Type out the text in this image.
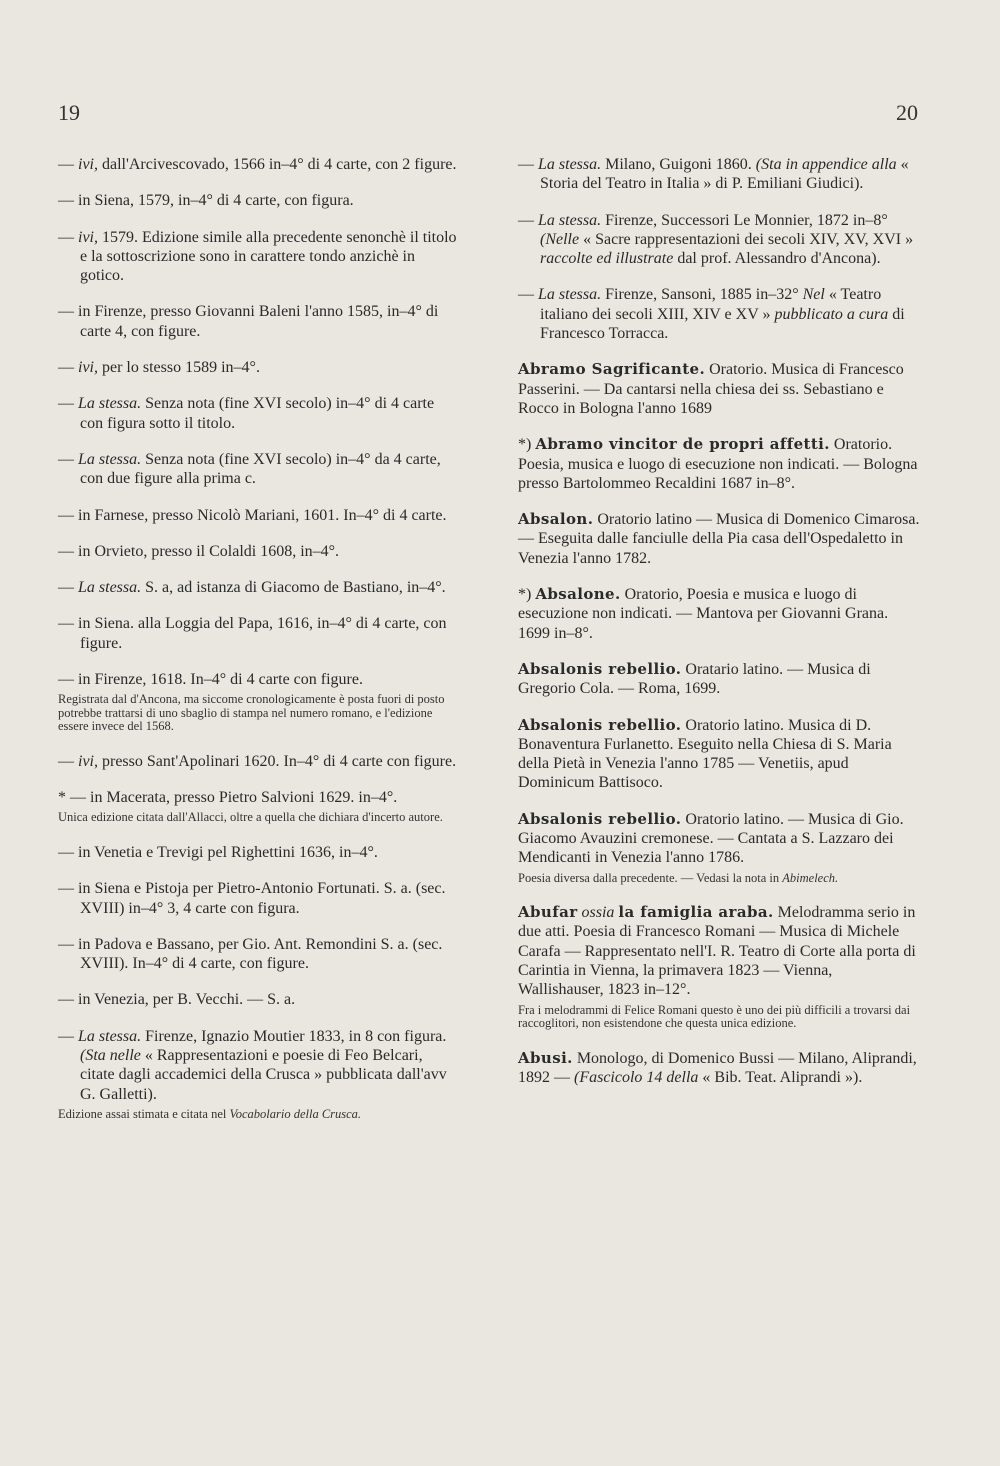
19	20

— ivi, dall'Arcivescovado, 1566 in–4° di 4 carte, con 2 figure.

— in Siena, 1579, in–4° di 4 carte, con figura.

— ivi, 1579. Edizione simile alla precedente senonchè il titolo e la sottoscrizione sono in carattere tondo anzichè in gotico.

— in Firenze, presso Giovanni Baleni l'anno 1585, in–4° di carte 4, con figure.

— ivi, per lo stesso 1589 in–4°.

— La stessa. Senza nota (fine XVI secolo) in–4° di 4 carte con figura sotto il titolo.

— La stessa. Senza nota (fine XVI secolo) in–4° da 4 carte, con due figure alla prima c.

— in Farnese, presso Nicolò Mariani, 1601. In–4° di 4 carte.

— in Orvieto, presso il Colaldi 1608, in–4°.

— La stessa. S. a, ad istanza di Giacomo de Bastiano, in–4°.

— in Siena. alla Loggia del Papa, 1616, in–4° di 4 carte, con figure.

— in Firenze, 1618. In–4° di 4 carte con figure.

Registrata dal d'Ancona, ma siccome cronologicamente è posta fuori di posto potrebbe trattarsi di uno sbaglio di stampa nel numero romano, e l'edizione essere invece del 1568.

— ivi, presso Sant'Apolinari 1620. In–4° di 4 carte con figure.

* — in Macerata, presso Pietro Salvioni 1629. in–4°.

Unica edizione citata dall'Allacci, oltre a quella che dichiara d'incerto autore.

— in Venetia e Trevigi pel Righettini 1636, in–4°.

— in Siena e Pistoja per Pietro-Antonio Fortunati. S. a. (sec. XVIII) in–4° 3, 4 carte con figura.

— in Padova e Bassano, per Gio. Ant. Remondini S. a. (sec. XVIII). In–4° di 4 carte, con figure.

— in Venezia, per B. Vecchi. — S. a.

— La stessa. Firenze, Ignazio Moutier 1833, in 8 con figura. (Sta nelle « Rappresentazioni e poesie di Feo Belcari, citate dagli accademici della Crusca » pubblicata dall'avv G. Galletti).

Edizione assai stimata e citata nel Vocabolario della Crusca.

— La stessa. Milano, Guigoni 1860. (Sta in appendice alla « Storia del Teatro in Italia » di P. Emiliani Giudici).

— La stessa. Firenze, Successori Le Monnier, 1872 in–8° (Nelle « Sacre rappresentazioni dei secoli XIV, XV, XVI » raccolte ed illustrate dal prof. Alessandro d'Ancona).

— La stessa. Firenze, Sansoni, 1885 in–32° Nel « Teatro italiano dei secoli XIII, XIV e XV » pubblicato a cura di Francesco Torracca.

Abramo Sagrificante. Oratorio. Musica di Francesco Passerini. — Da cantarsi nella chiesa dei ss. Sebastiano e Rocco in Bologna l'anno 1689

*) Abramo vincitor de propri affetti. Oratorio. Poesia, musica e luogo di esecuzione non indicati. — Bologna presso Bartolommeo Recaldini 1687 in–8°.

Absalon. Oratorio latino — Musica di Domenico Cimarosa. — Eseguita dalle fanciulle della Pia casa dell'Ospedaletto in Venezia l'anno 1782.

*) Absalone. Oratorio, Poesia e musica e luogo di esecuzione non indicati. — Mantova per Giovanni Grana. 1699 in–8°.

Absalonis rebellio. Oratario latino. — Musica di Gregorio Cola. — Roma, 1699.

Absalonis rebellio. Oratorio latino. Musica di D. Bonaventura Furlanetto. Eseguito nella Chiesa di S. Maria della Pietà in Venezia l'anno 1785 — Venetiis, apud Dominicum Battisoco.

Absalonis rebellio. Oratorio latino. — Musica di Gio. Giacomo Avauzini cremonese. — Cantata a S. Lazzaro dei Mendicanti in Venezia l'anno 1786.

Poesia diversa dalla precedente. — Vedasi la nota in Abimelech.

Abufar ossia la famiglia araba. Melodramma serio in due atti. Poesia di Francesco Romani — Musica di Michele Carafa — Rappresentato nell'I. R. Teatro di Corte alla porta di Carintia in Vienna, la primavera 1823 — Vienna, Wallishauser, 1823 in–12°.

Fra i melodrammi di Felice Romani questo è uno dei più difficili a trovarsi dai raccoglitori, non esistendone che questa unica edizione.

Abusi. Monologo, di Domenico Bussi — Milano, Aliprandi, 1892 — (Fascicolo 14 della « Bib. Teat. Aliprandi »).
